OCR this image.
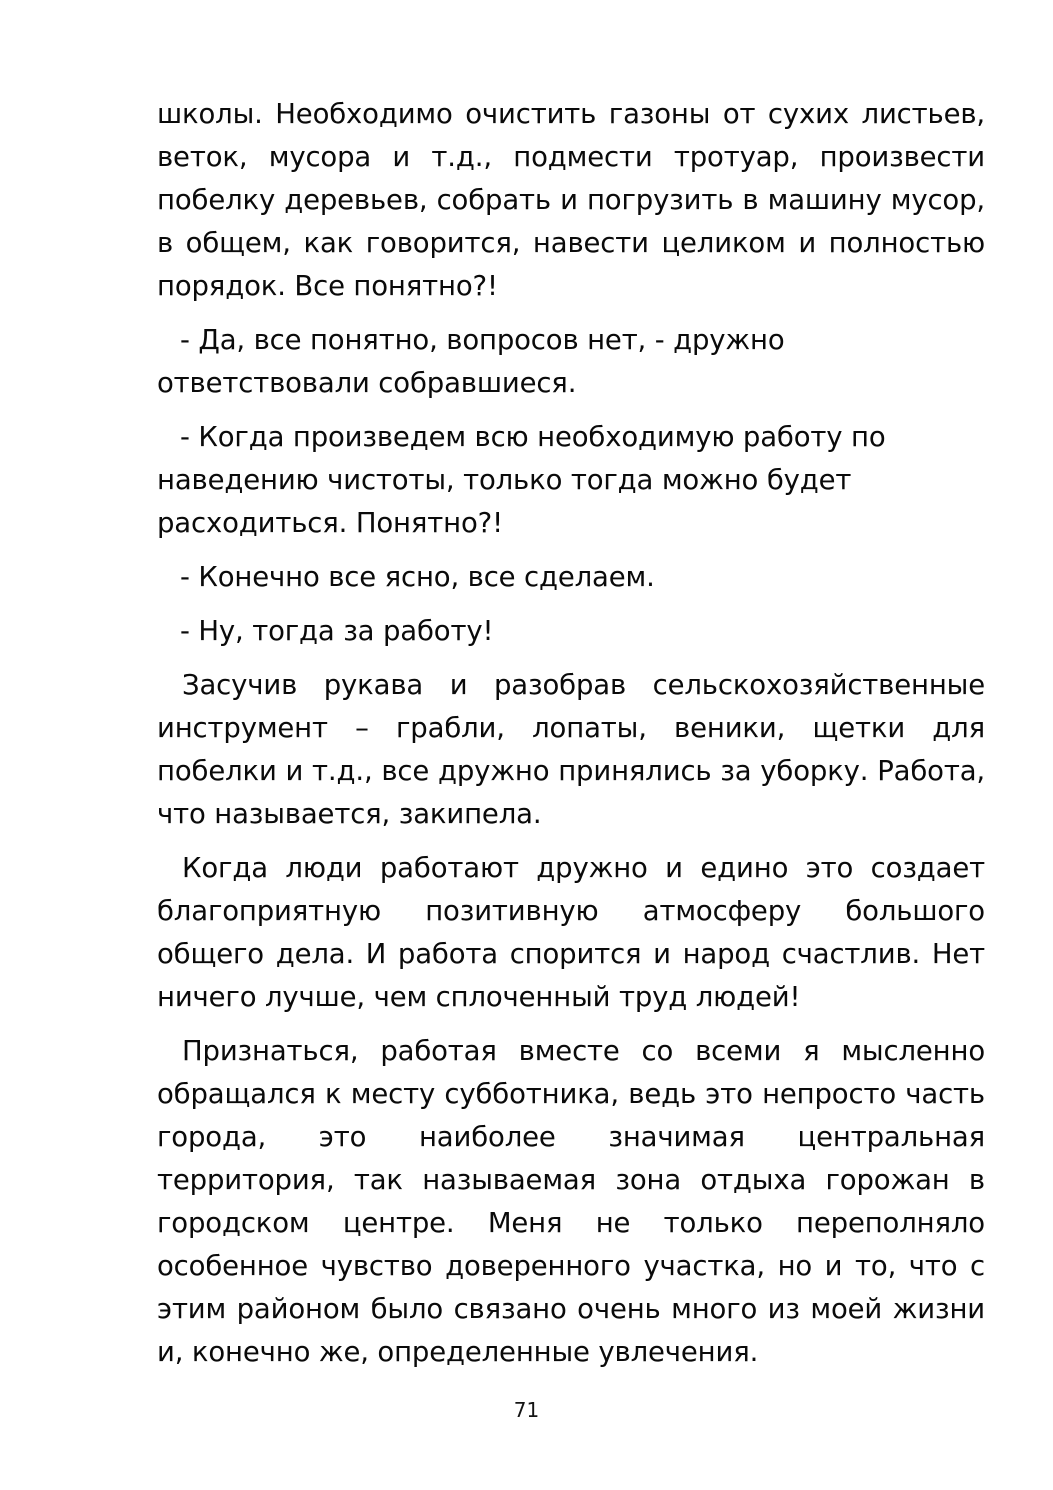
школы. Необходимо очистить газоны от сухих листьев, веток, мусора и т.д., подмести тротуар, произвести побелку деревьев, собрать и погрузить в машину мусор, в общем, как говорится, навести целиком и полностью порядок. Все понятно?!

- Да, все понятно, вопросов нет, - дружно ответствовали собравшиеся.

- Когда произведем всю необходимую работу по наведению чистоты, только тогда можно будет расходиться. Понятно?!

- Конечно все ясно, все сделаем.

- Ну, тогда за работу!

Засучив рукава и разобрав сельскохозяйственные инструмент – грабли, лопаты, веники, щетки для побелки и т.д., все дружно принялись за уборку. Работа, что называется, закипела.

Когда люди работают дружно и едино это создает благоприятную позитивную атмосферу большого общего дела. И работа спорится и народ счастлив. Нет ничего лучше, чем сплоченный труд людей!

Признаться, работая вместе со всеми я мысленно обращался к месту субботника, ведь это непросто часть города, это наиболее значимая центральная территория, так называемая зона отдыха горожан в городском центре. Меня не только переполняло особенное чувство доверенного участка, но и то, что с этим районом было связано очень много из моей жизни и, конечно же, определенные увлечения.

71
